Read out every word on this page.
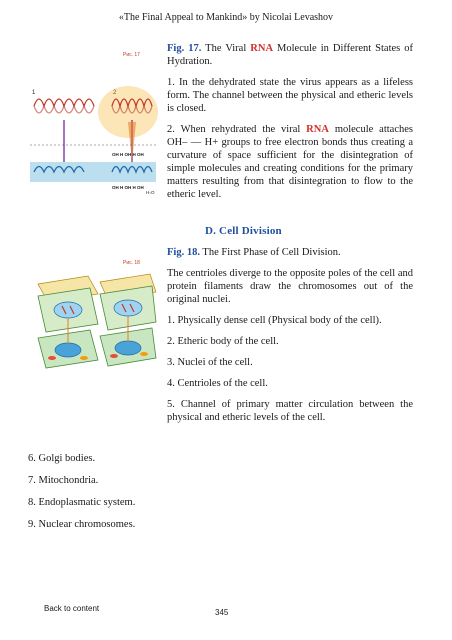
«The Final Appeal to Mankind» by Nicolai Levashov
Рис. 17
1	2
OH H OH H OH
OH H OH H OH
H₂O

Fig. 17. The Viral RNA Molecule in Different States of Hydration.

1. In the dehydrated state the virus appears as a lifeless form. The channel between the physical and etheric levels is closed.

2. When rehydrated the viral RNA molecule attaches OH– — H+ groups to free electron bonds thus creating a curvature of space sufficient for the disintegration of simple molecules and creating conditions for the primary matters resulting from that disintegration to flow to the etheric level.

D. Cell Division
Рис. 18

Fig. 18. The First Phase of Cell Division.

The centrioles diverge to the opposite poles of the cell and protein filaments draw the chromosomes out of the original nuclei.

1. Physically dense cell (Physical body of the cell).

2. Etheric body of the cell.

3. Nuclei of the cell.

4. Centrioles of the cell.

5. Channel of primary matter circulation between the physical and etheric levels of the cell.

6. Golgi bodies.

7. Mitochondria.

8. Endoplasmatic system.

9. Nuclear chromosomes.

Back to content	345
